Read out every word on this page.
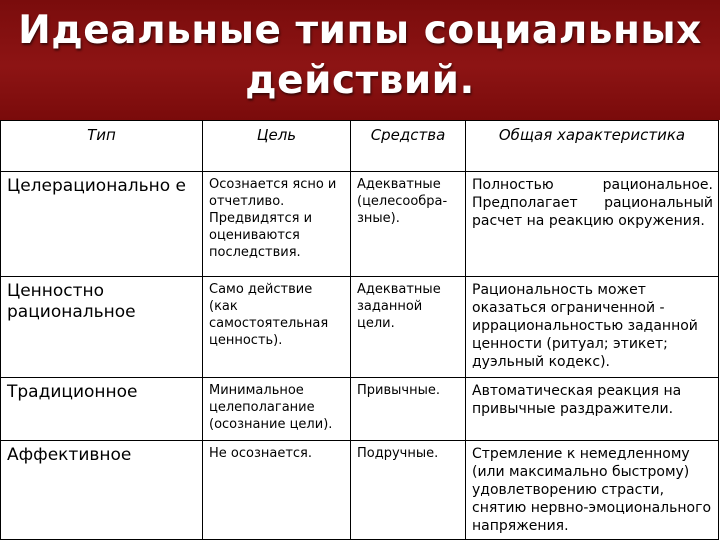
Идеальные типы социальных действий.
Тип	Цель	Средства	Общая характеристика
Целерационально е	Осознается ясно и отчетливо. Предвидятся и оцениваются последствия.	Адекватные (целесообра-зные).	Полностью рациональное. Предполагает рациональный расчет на реакцию окружения.
Ценностно рациональное	Само действие (как самостоятельная ценность).	Адекватные заданной цели.	Рациональность может оказаться ограниченной - иррациональностью заданной ценности (ритуал; этикет; дуэльный кодекс).
Традиционное	Минимальное целеполагание (осознание цели).	Привычные.	Автоматическая реакция на привычные раздражители.
Аффективное	Не осознается.	Подручные.	Стремление к немедленному (или максимально быстрому) удовлетворению страсти, снятию нервно-эмоционального напряжения.
